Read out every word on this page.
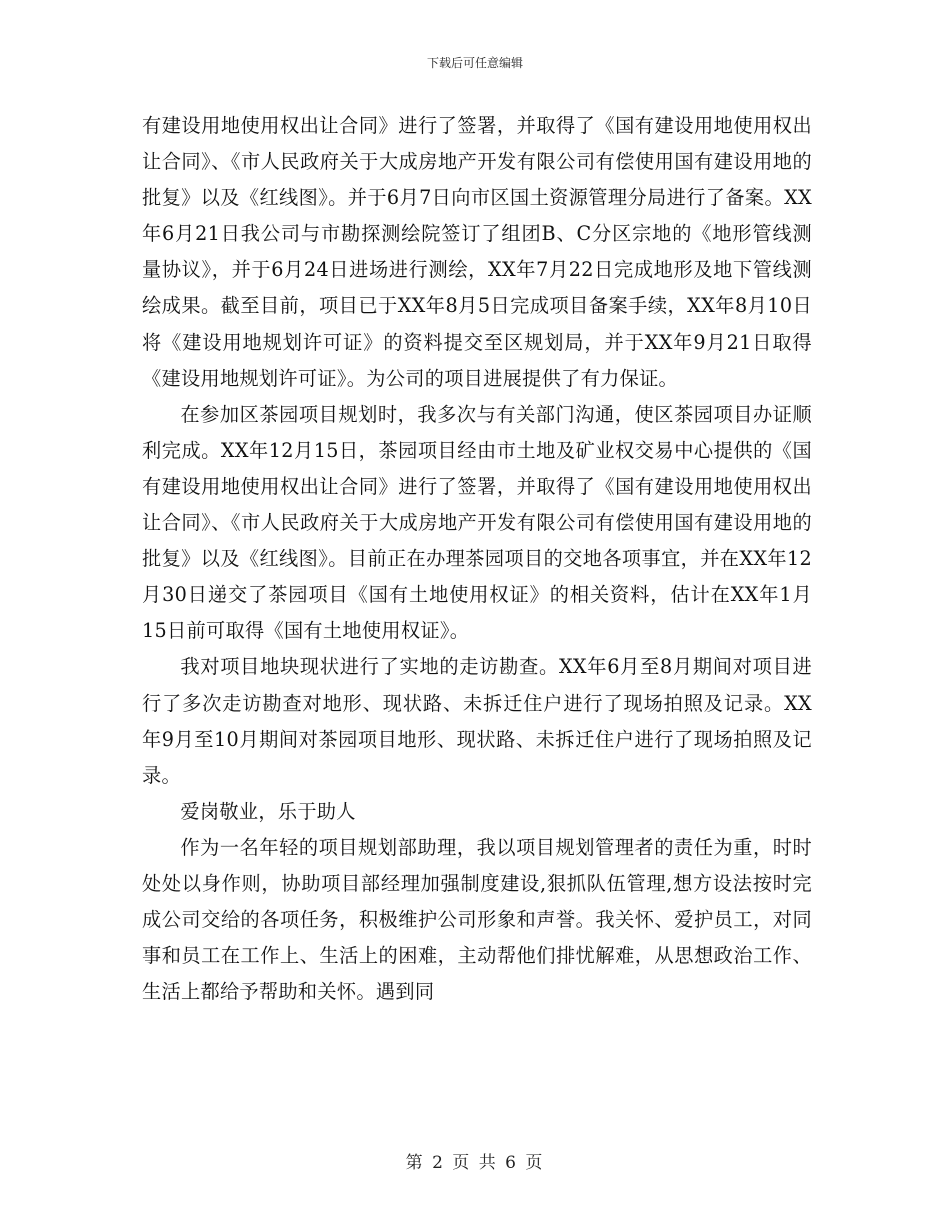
下载后可任意编辑

有建设用地使用权出让合同》进行了签署，并取得了《国有建设用地使用权出让合同》、《市人民政府关于大成房地产开发有限公司有偿使用国有建设用地的批复》以及《红线图》。并于6月7日向市区国土资源管理分局进行了备案。XX年6月21日我公司与市勘探测绘院签订了组团B、C分区宗地的《地形管线测量协议》，并于6月24日进场进行测绘，XX年7月22日完成地形及地下管线测绘成果。截至目前，项目已于XX年8月5日完成项目备案手续，XX年8月10日将《建设用地规划许可证》的资料提交至区规划局，并于XX年9月21日取得《建设用地规划许可证》。为公司的项目进展提供了有力保证。

在参加区茶园项目规划时，我多次与有关部门沟通，使区茶园项目办证顺利完成。XX年12月15日，茶园项目经由市土地及矿业权交易中心提供的《国有建设用地使用权出让合同》进行了签署，并取得了《国有建设用地使用权出让合同》、《市人民政府关于大成房地产开发有限公司有偿使用国有建设用地的批复》以及《红线图》。目前正在办理茶园项目的交地各项事宜，并在XX年12月30日递交了茶园项目《国有土地使用权证》的相关资料，估计在XX年1月15日前可取得《国有土地使用权证》。

我对项目地块现状进行了实地的走访勘查。XX年6月至8月期间对项目进行了多次走访勘查对地形、现状路、未拆迁住户进行了现场拍照及记录。XX年9月至10月期间对茶园项目地形、现状路、未拆迁住户进行了现场拍照及记录。

爱岗敬业，乐于助人

作为一名年轻的项目规划部助理，我以项目规划管理者的责任为重，时时处处以身作则，协助项目部经理加强制度建设,狠抓队伍管理,想方设法按时完成公司交给的各项任务，积极维护公司形象和声誉。我关怀、爱护员工，对同事和员工在工作上、生活上的困难，主动帮他们排忧解难，从思想政治工作、生活上都给予帮助和关怀。遇到同

第 2 页 共 6 页
